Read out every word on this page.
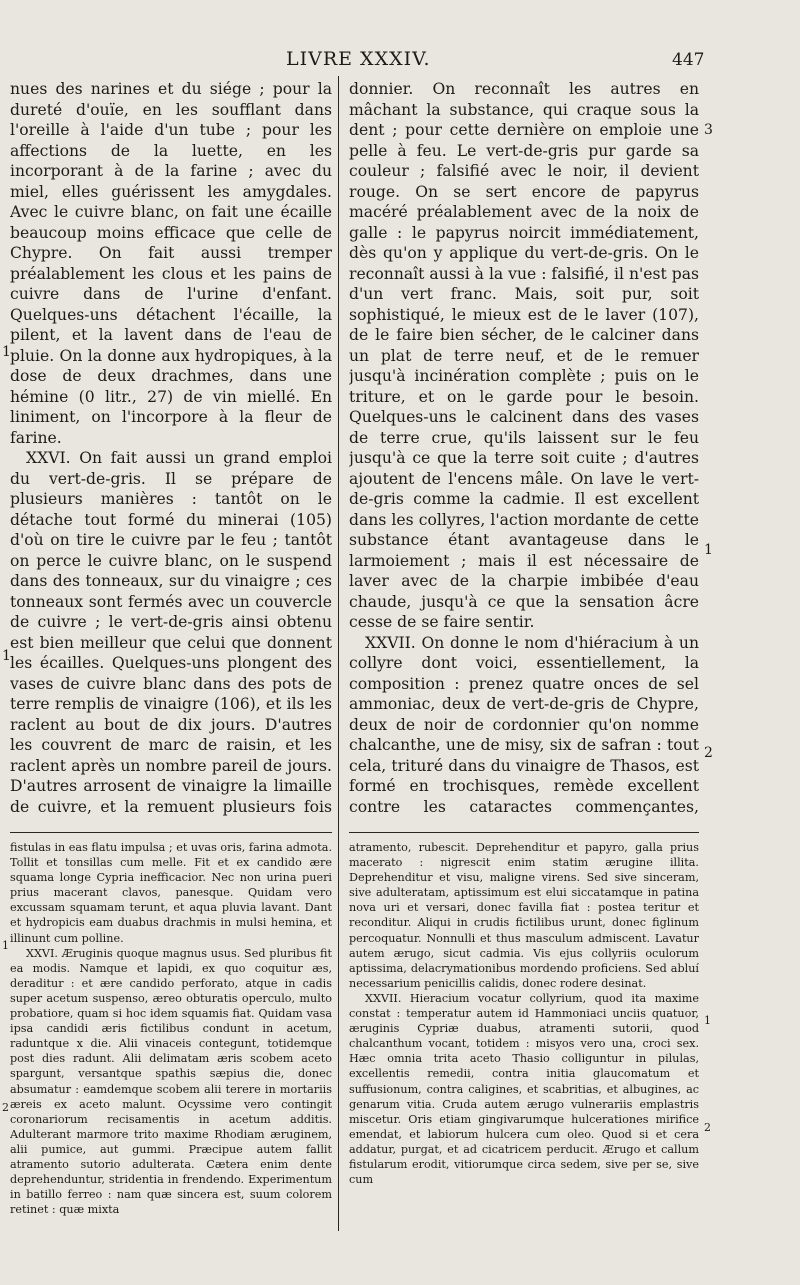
LIVRE XXXIV.	447

nues des narines et du siége ; pour la dureté d'ouïe, en les soufflant dans l'oreille à l'aide d'un tube ; pour les affections de la luette, en les incorporant à de la farine ; avec du miel, elles guérissent les amygdales. Avec le cuivre blanc, on fait une écaille beaucoup moins efficace que celle de Chypre. On fait aussi tremper préalablement les clous et les pains de cuivre dans de l'urine d'enfant. Quelques-uns détachent l'écaille, la pilent, et la lavent dans de l'eau de pluie. On la donne aux hydropiques, à la dose de deux drachmes, dans une hémine (0 litr., 27) de vin miellé. En liniment, on l'incorpore à la fleur de farine.

XXVI. On fait aussi un grand emploi du vert-de-gris. Il se prépare de plusieurs manières : tantôt on le détache tout formé du minerai (105) d'où on tire le cuivre par le feu ; tantôt on perce le cuivre blanc, on le suspend dans des tonneaux, sur du vinaigre ; ces tonneaux sont fermés avec un couvercle de cuivre ; le vert-de-gris ainsi obtenu est bien meilleur que celui que donnent les écailles. Quelques-uns plongent des vases de cuivre blanc dans des pots de terre remplis de vinaigre (106), et ils les raclent au bout de dix jours. D'autres les couvrent de marc de raisin, et les raclent après un nombre pareil de jours. D'autres arrosent de vinaigre la limaille de cuivre, et la remuent plusieurs fois

donnier. On reconnaît les autres en mâchant la substance, qui craque sous la dent ; pour cette dernière on emploie une pelle à feu. Le vert-de-gris pur garde sa couleur ; falsifié avec le noir, il devient rouge. On se sert encore de papyrus macéré préalablement avec de la noix de galle : le papyrus noircit immédiatement, dès qu'on y applique du vert-de-gris. On le reconnaît aussi à la vue : falsifié, il n'est pas d'un vert franc. Mais, soit pur, soit sophistiqué, le mieux est de le laver (107), de le faire bien sécher, de le calciner dans un plat de terre neuf, et de le remuer jusqu'à incinération complète ; puis on le triture, et on le garde pour le besoin. Quelques-uns le calcinent dans des vases de terre crue, qu'ils laissent sur le feu jusqu'à ce que la terre soit cuite ; d'autres ajoutent de l'encens mâle. On lave le vert-de-gris comme la cadmie. Il est excellent dans les collyres, l'action mordante de cette substance étant avantageuse dans le larmoiement ; mais il est nécessaire de laver avec de la charpie imbibée d'eau chaude, jusqu'à ce que la sensation âcre cesse de se faire sentir.

XXVII. On donne le nom d'hiéracium à un collyre dont voici, essentiellement, la composition : prenez quatre onces de sel ammoniac, deux de vert-de-gris de Chypre, deux de noir de cordonnier qu'on nomme chalcanthe, une de misy, six de safran : tout cela, trituré dans du vinaigre de Thasos, est formé en trochisques, remède excellent contre les cataractes commençantes,

fistulas in eas flatu impulsa ; et uvas oris, farina admota. Tollit et tonsillas cum melle. Fit et ex candido ære squama longe Cypria inefficacior. Nec non urina pueri prius macerant clavos, panesque. Quidam vero excussam squamam terunt, et aqua pluvia lavant. Dant et hydropicis eam duabus drachmis in mulsi hemina, et illinunt cum polline.

XXVI. Æruginis quoque magnus usus. Sed pluribus fit ea modis. Namque et lapidi, ex quo coquitur æs, deraditur : et ære candido perforato, atque in cadis super acetum suspenso, æreo obturatis operculo, multo probatiore, quam si hoc idem squamis fiat. Quidam vasa ipsa candidi æris fictilibus condunt in acetum, raduntque x die. Alii vinaceis contegunt, totidemque post dies radunt. Alii delimatam æris scobem aceto spargunt, versantque spathis sæpius die, donec absumatur : eamdemque scobem alii terere in mortariis æreis ex aceto malunt. Ocyssime vero contingit coronariorum recisamentis in acetum additis. Adulterant marmore trito maxime Rhodiam æruginem, alii pumice, aut gummi. Præcipue autem fallit atramento sutorio adulterata. Cætera enim dente deprehenduntur, stridentia in frendendo. Experimentum in batillo ferreo : nam quæ sincera est, suum colorem retinet : quæ mixta

atramento, rubescit. Deprehenditur et papyro, galla prius macerato : nigrescit enim statim ærugine illita. Deprehenditur et visu, maligne virens. Sed sive sinceram, sive adulteratam, aptissimum est elui siccatamque in patina nova uri et versari, donec favilla fiat : postea teritur et reconditur. Aliqui in crudis fictilibus urunt, donec figlinum percoquatur. Nonnulli et thus masculum admiscent. Lavatur autem ærugo, sicut cadmia. Vis ejus collyriis oculorum aptissima, delacrymationibus mordendo proficiens. Sed abluí necessarium penicillis calidis, donec rodere desinat.

XXVII. Hieracium vocatur collyrium, quod ita maxime constat : temperatur autem id Hammoniaci unciis quatuor, æruginis Cypriæ duabus, atramenti sutorii, quod chalcanthum vocant, totidem : misyos vero una, croci sex. Hæc omnia trita aceto Thasio colliguntur in pilulas, excellentis remedii, contra initia glaucomatum et suffusionum, contra caligines, et scabritias, et albugines, ac genarum vitia. Cruda autem ærugo vulnerariis emplastris miscetur. Oris etiam gingivarumque hulcerationes mirifice emendat, et labiorum hulcera cum oleo. Quod si et cera addatur, purgat, et ad cicatricem perducit. Ærugo et callum fistularum erodit, vitiorumque circa sedem, sive per se, sive cum

1
1
1
2
3
1
2
1
2
